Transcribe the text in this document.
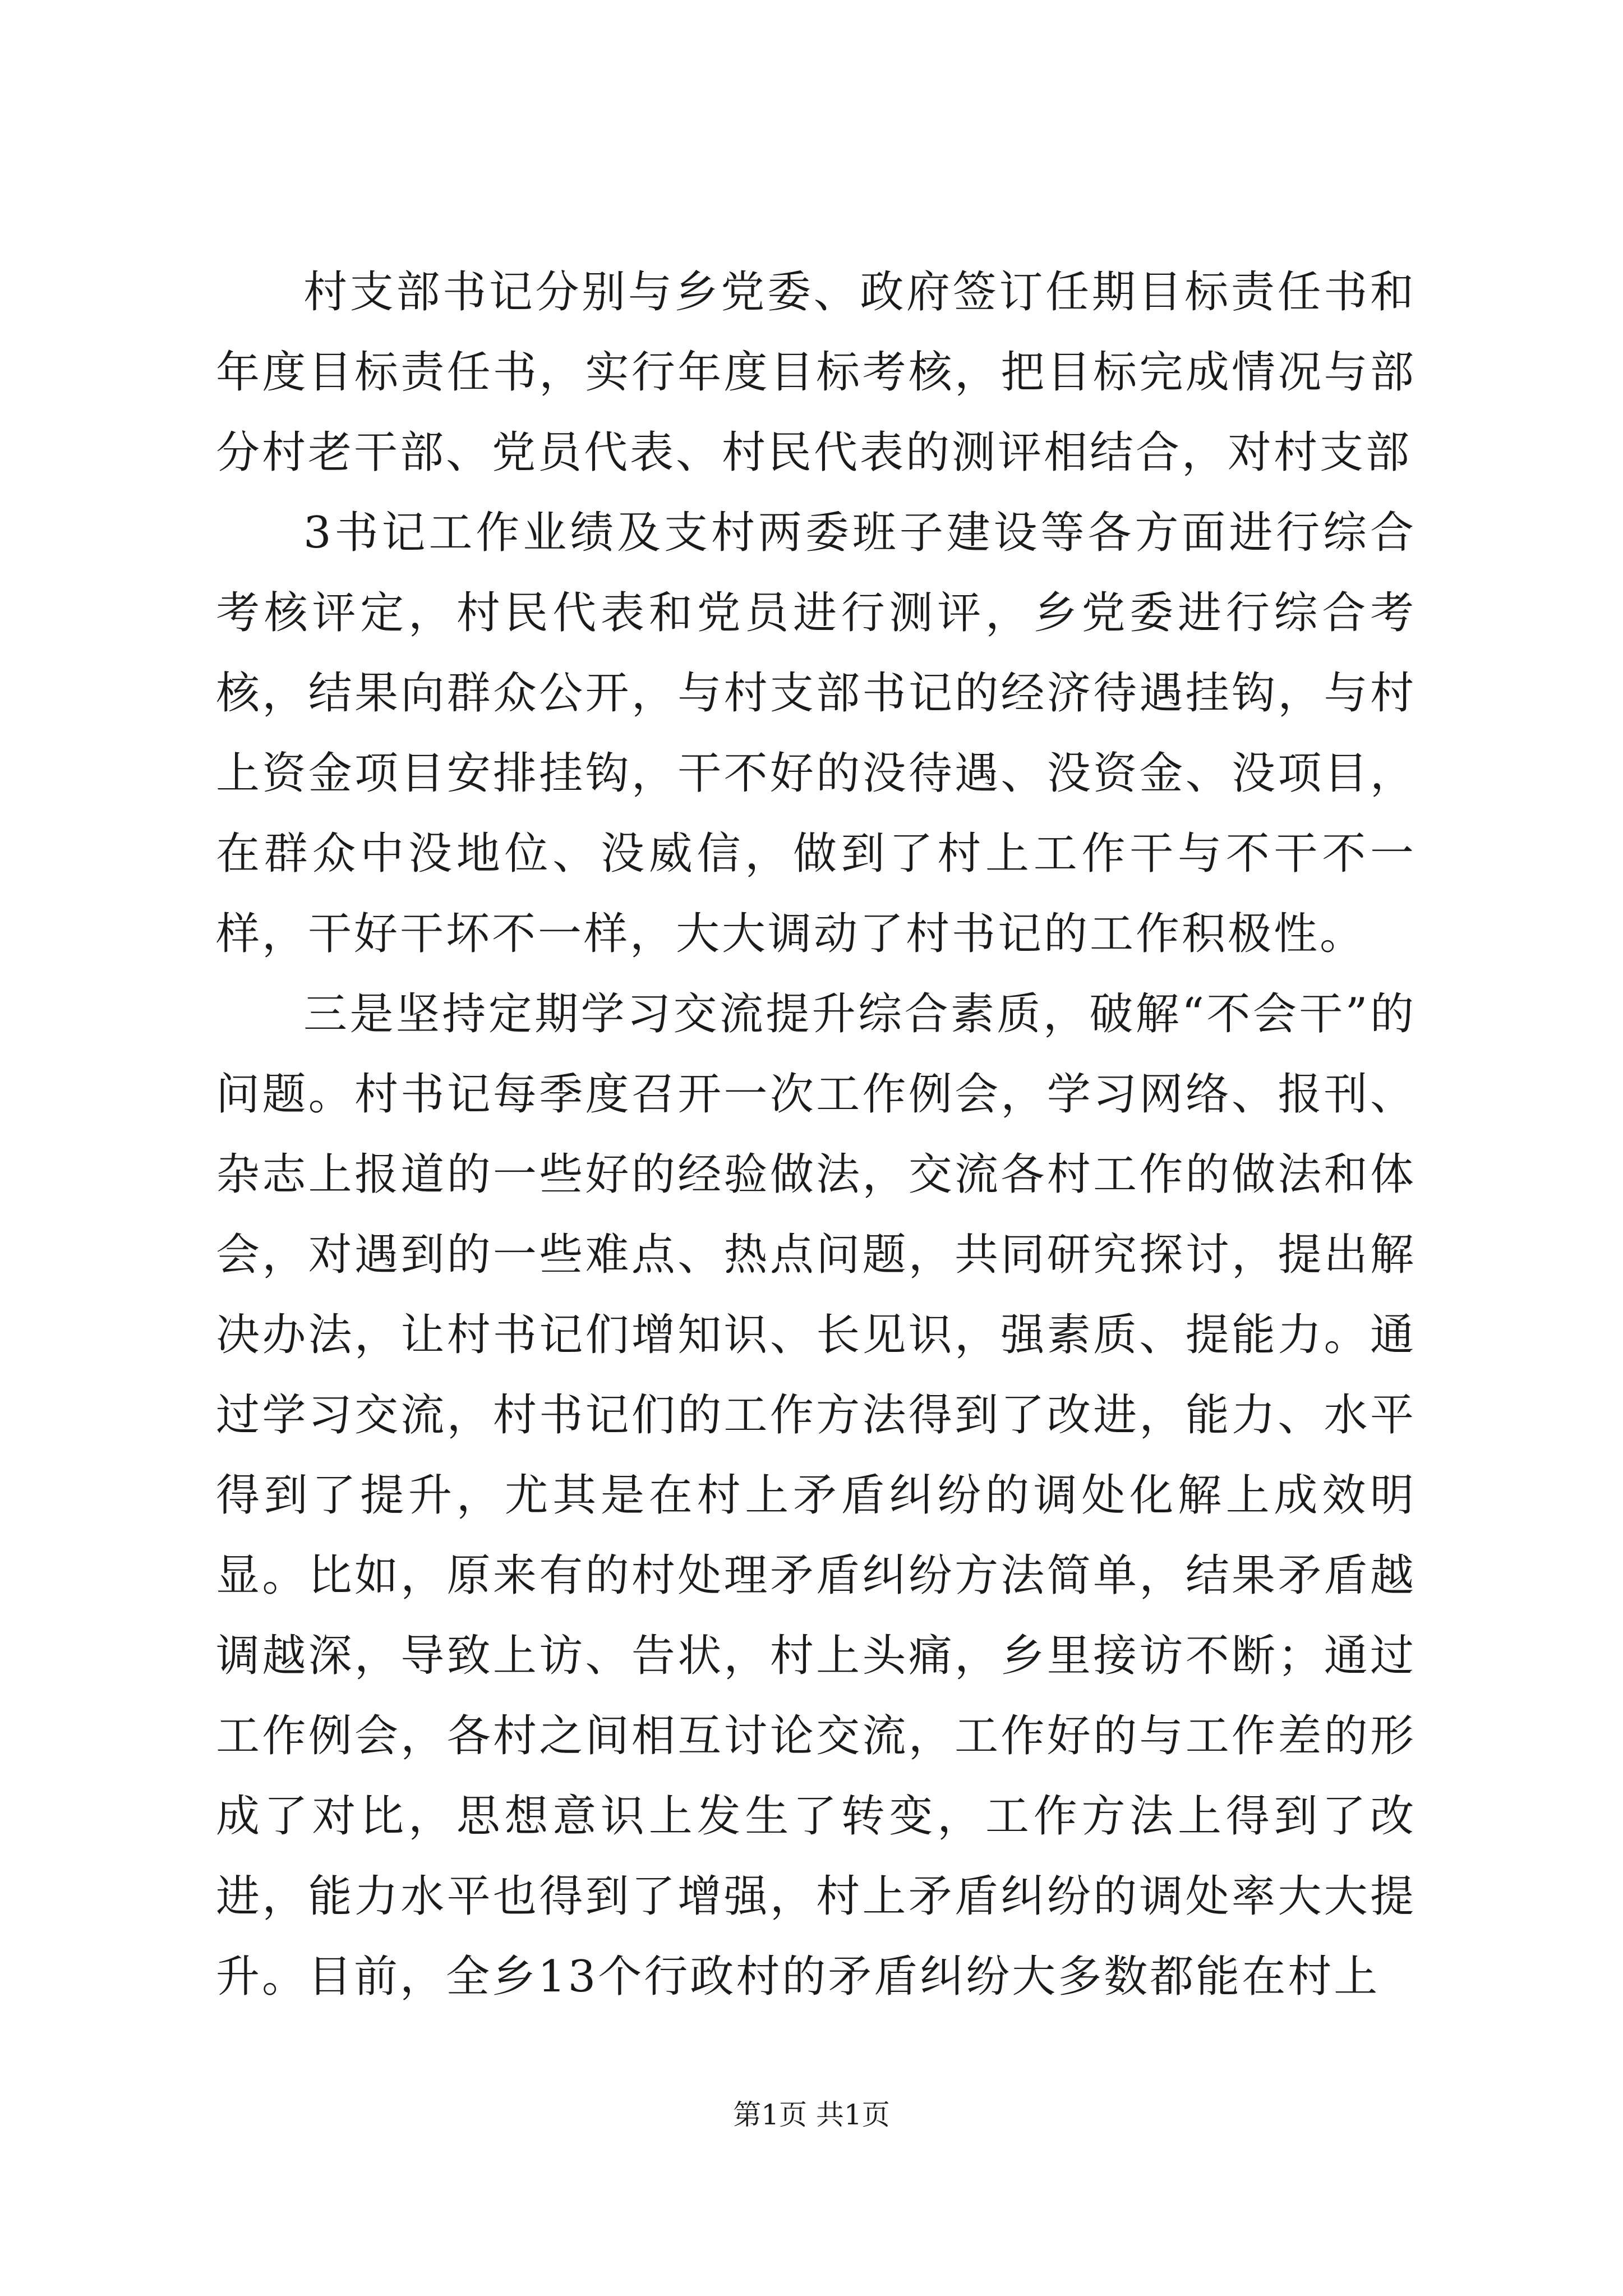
村支部书记分别与乡党委、政府签订任期目标责任书和年度目标责任书，实行年度目标考核，把目标完成情况与部分村老干部、党员代表、村民代表的测评相结合，对村支部

3书记工作业绩及支村两委班子建设等各方面进行综合考核评定，村民代表和党员进行测评，乡党委进行综合考核，结果向群众公开，与村支部书记的经济待遇挂钩，与村上资金项目安排挂钩，干不好的没待遇、没资金、没项目，在群众中没地位、没威信，做到了村上工作干与不干不一样，干好干坏不一样，大大调动了村书记的工作积极性。

三是坚持定期学习交流提升综合素质，破解“不会干”的问题。村书记每季度召开一次工作例会，学习网络、报刊、杂志上报道的一些好的经验做法，交流各村工作的做法和体会，对遇到的一些难点、热点问题，共同研究探讨，提出解决办法，让村书记们增知识、长见识，强素质、提能力。通过学习交流，村书记们的工作方法得到了改进，能力、水平得到了提升，尤其是在村上矛盾纠纷的调处化解上成效明显。比如，原来有的村处理矛盾纠纷方法简单，结果矛盾越调越深，导致上访、告状，村上头痛，乡里接访不断；通过工作例会，各村之间相互讨论交流，工作好的与工作差的形成了对比，思想意识上发生了转变，工作方法上得到了改进，能力水平也得到了增强，村上矛盾纠纷的调处率大大提升。目前，全乡13个行政村的矛盾纠纷大多数都能在村上

第1页 共1页
